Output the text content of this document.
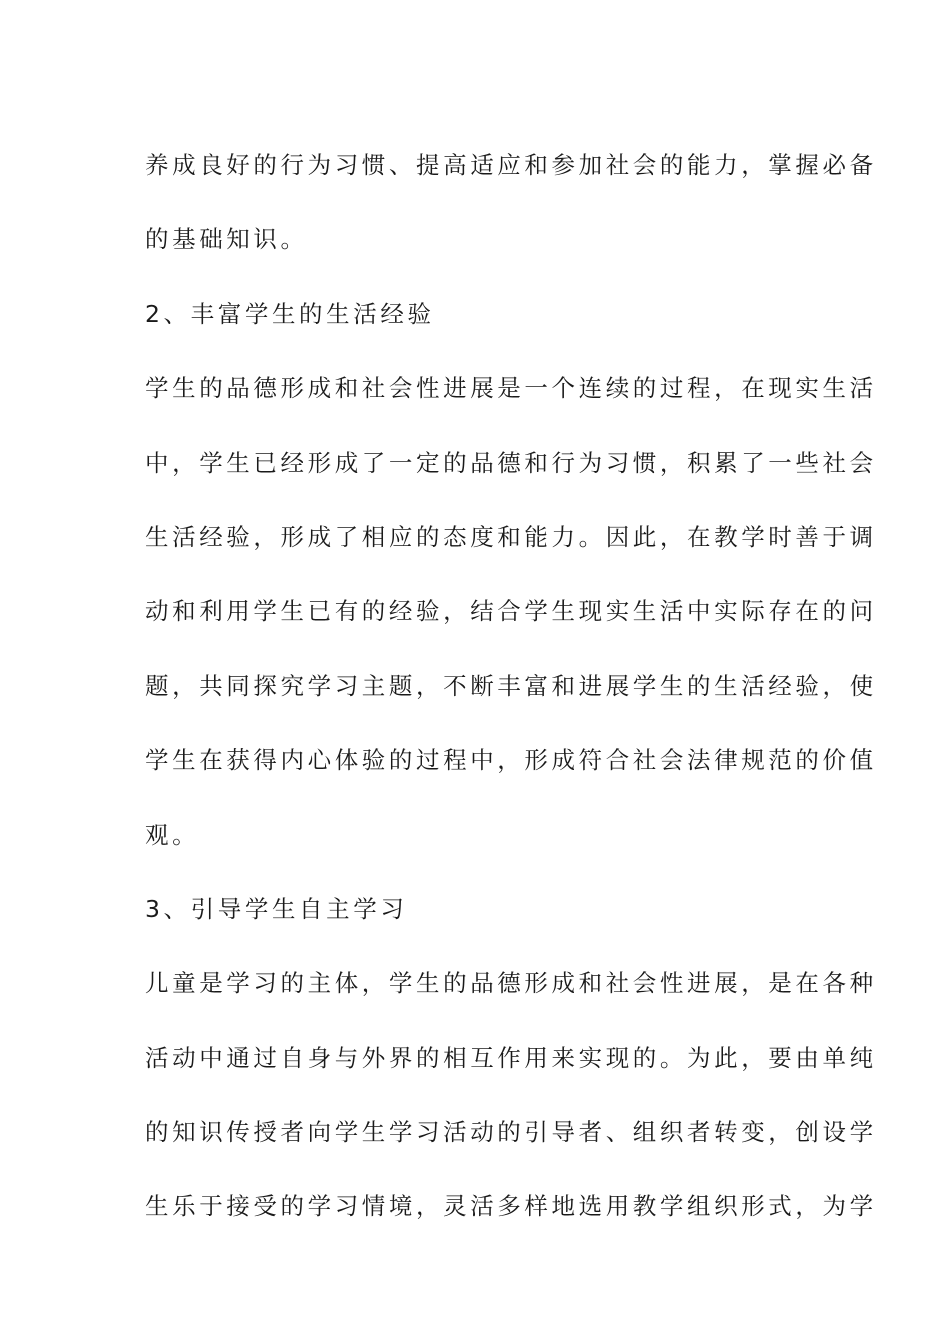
养成良好的行为习惯、提高适应和参加社会的能力，掌握必备
的基础知识。
2、丰富学生的生活经验
学生的品德形成和社会性进展是一个连续的过程，在现实生活
中，学生已经形成了一定的品德和行为习惯，积累了一些社会
生活经验，形成了相应的态度和能力。因此，在教学时善于调
动和利用学生已有的经验，结合学生现实生活中实际存在的问
题，共同探究学习主题，不断丰富和进展学生的生活经验，使
学生在获得内心体验的过程中，形成符合社会法律规范的价值
观。
3、引导学生自主学习
儿童是学习的主体，学生的品德形成和社会性进展，是在各种
活动中通过自身与外界的相互作用来实现的。为此，要由单纯
的知识传授者向学生学习活动的引导者、组织者转变，创设学
生乐于接受的学习情境，灵活多样地选用教学组织形式，为学
